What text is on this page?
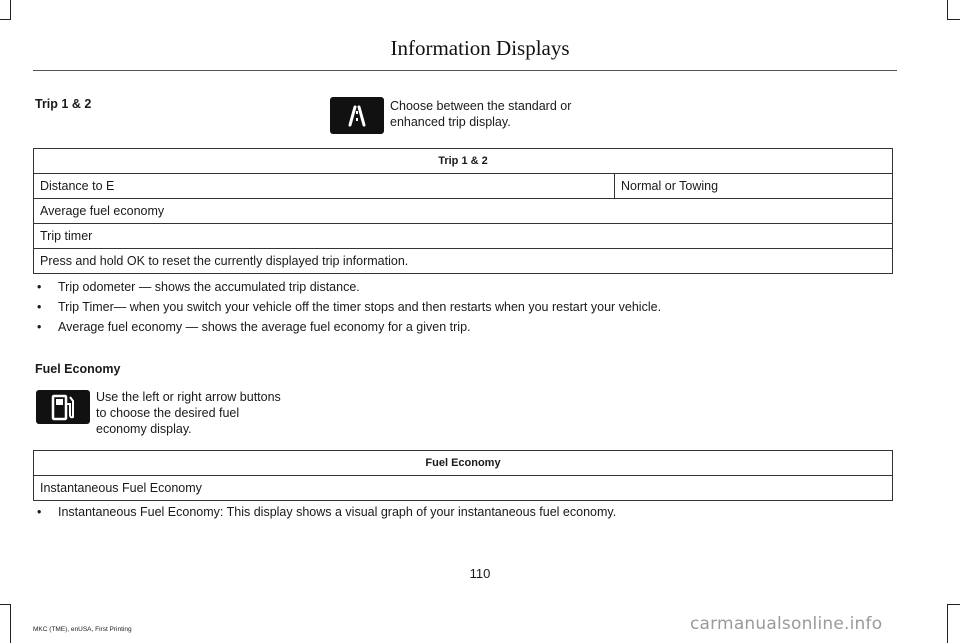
Information Displays
Trip 1 & 2	Choose between the standard or
enhanced trip display.
Trip 1 & 2
Distance to E	Normal or Towing
Average fuel economy
Trip timer
Press and hold OK to reset the currently displayed trip information.
• Trip odometer — shows the accumulated trip distance.
• Trip Timer— when you switch your vehicle off the timer stops and then restarts when you restart your vehicle.
• Average fuel economy — shows the average fuel economy for a given trip.
Fuel Economy
Use the left or right arrow buttons
to choose the desired fuel
economy display.
Fuel Economy
Instantaneous Fuel Economy
• Instantaneous Fuel Economy: This display shows a visual graph of your instantaneous fuel economy.
110
MKC (TME), enUSA, First Printing	carmanualsonline.info
